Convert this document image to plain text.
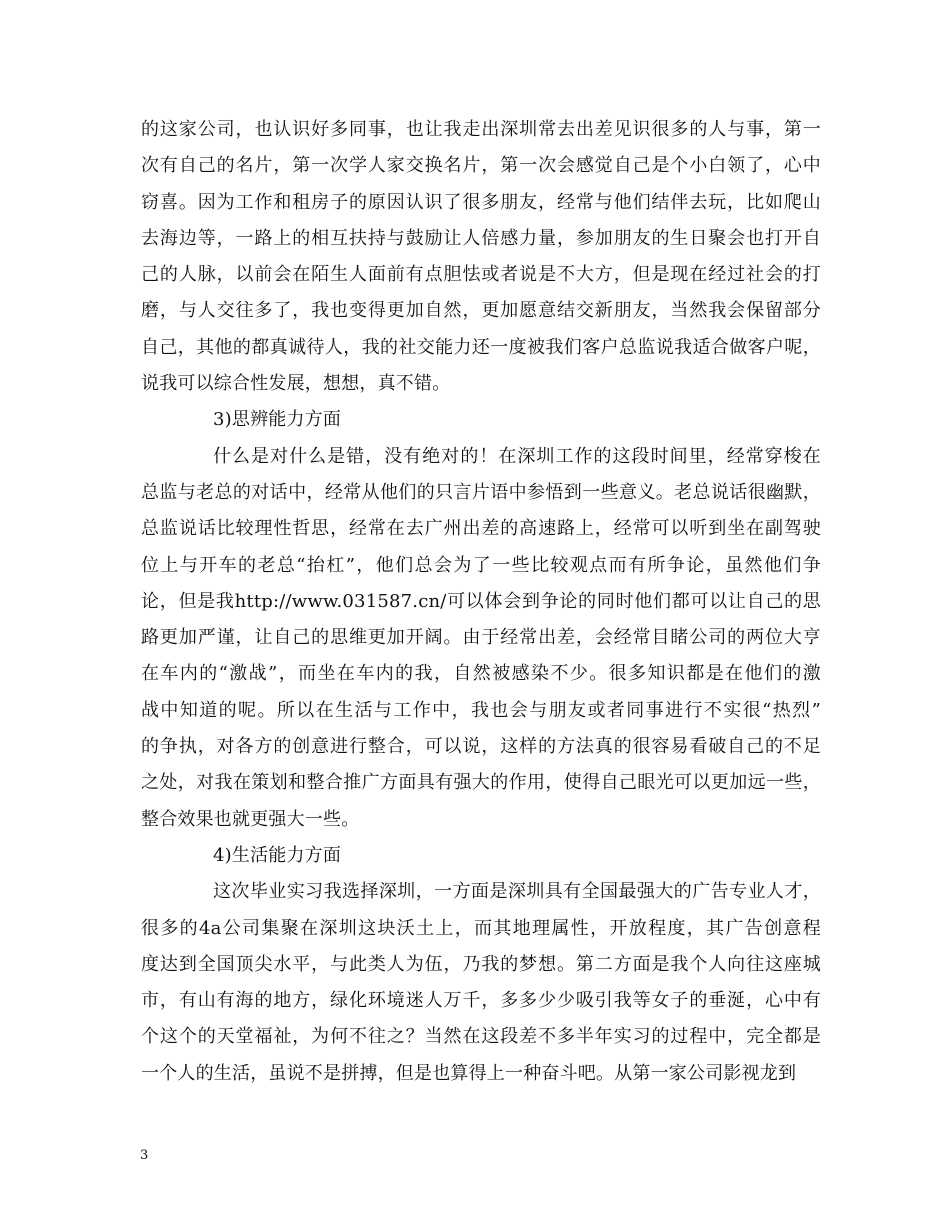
的这家公司，也认识好多同事，也让我走出深圳常去出差见识很多的人与事，第一
次有自己的名片，第一次学人家交换名片，第一次会感觉自己是个小白领了，心中
窃喜。因为工作和租房子的原因认识了很多朋友，经常与他们结伴去玩，比如爬山
去海边等，一路上的相互扶持与鼓励让人倍感力量，参加朋友的生日聚会也打开自
己的人脉，以前会在陌生人面前有点胆怯或者说是不大方，但是现在经过社会的打
磨，与人交往多了，我也变得更加自然，更加愿意结交新朋友，当然我会保留部分
自己，其他的都真诚待人，我的社交能力还一度被我们客户总监说我适合做客户呢，
说我可以综合性发展，想想，真不错。
3)思辨能力方面
什么是对什么是错，没有绝对的！在深圳工作的这段时间里，经常穿梭在
总监与老总的对话中，经常从他们的只言片语中参悟到一些意义。老总说话很幽默，
总监说话比较理性哲思，经常在去广州出差的高速路上，经常可以听到坐在副驾驶
位上与开车的老总“抬杠”，他们总会为了一些比较观点而有所争论，虽然他们争
论，但是我http://www.031587.cn/可以体会到争论的同时他们都可以让自己的思
路更加严谨，让自己的思维更加开阔。由于经常出差，会经常目睹公司的两位大亨
在车内的“激战”，而坐在车内的我，自然被感染不少。很多知识都是在他们的激
战中知道的呢。所以在生活与工作中，我也会与朋友或者同事进行不实很“热烈”
的争执，对各方的创意进行整合，可以说，这样的方法真的很容易看破自己的不足
之处，对我在策划和整合推广方面具有强大的作用，使得自己眼光可以更加远一些，
整合效果也就更强大一些。
4)生活能力方面
这次毕业实习我选择深圳，一方面是深圳具有全国最强大的广告专业人才，
很多的4a公司集聚在深圳这块沃土上，而其地理属性，开放程度，其广告创意程
度达到全国顶尖水平，与此类人为伍，乃我的梦想。第二方面是我个人向往这座城
市，有山有海的地方，绿化环境迷人万千，多多少少吸引我等女子的垂涎，心中有
个这个的天堂福祉，为何不往之？当然在这段差不多半年实习的过程中，完全都是
一个人的生活，虽说不是拼搏，但是也算得上一种奋斗吧。从第一家公司影视龙到
3
